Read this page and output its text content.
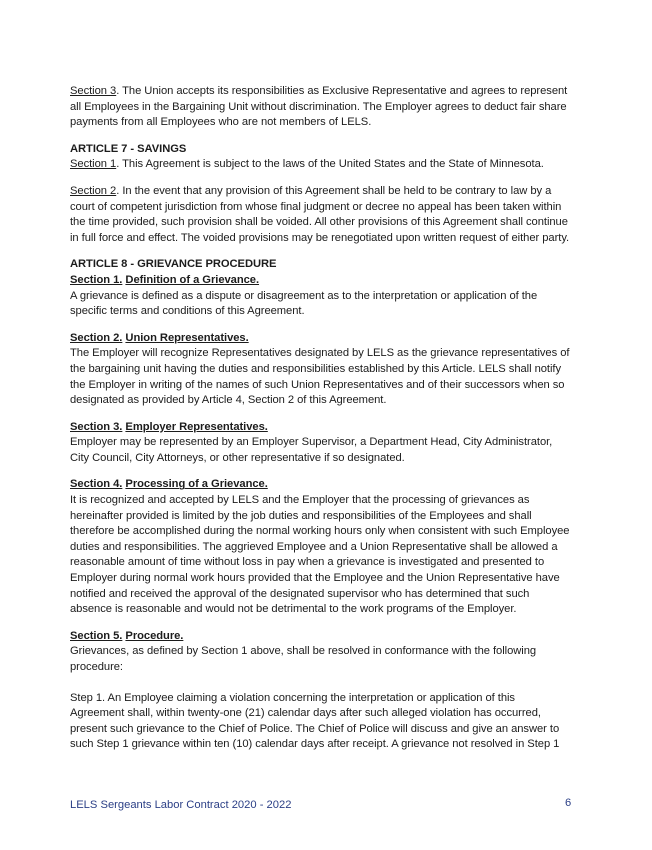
Section 3. The Union accepts its responsibilities as Exclusive Representative and agrees to represent all Employees in the Bargaining Unit without discrimination. The Employer agrees to deduct fair share payments from all Employees who are not members of LELS.

ARTICLE 7 - SAVINGS

Section 1. This Agreement is subject to the laws of the United States and the State of Minnesota.

Section 2. In the event that any provision of this Agreement shall be held to be contrary to law by a court of competent jurisdiction from whose final judgment or decree no appeal has been taken within the time provided, such provision shall be voided. All other provisions of this Agreement shall continue in full force and effect. The voided provisions may be renegotiated upon written request of either party.

ARTICLE 8 - GRIEVANCE PROCEDURE

Section 1. Definition of a Grievance.

A grievance is defined as a dispute or disagreement as to the interpretation or application of the specific terms and conditions of this Agreement.

Section 2. Union Representatives.

The Employer will recognize Representatives designated by LELS as the grievance representatives of the bargaining unit having the duties and responsibilities established by this Article. LELS shall notify the Employer in writing of the names of such Union Representatives and of their successors when so designated as provided by Article 4, Section 2 of this Agreement.

Section 3. Employer Representatives.

Employer may be represented by an Employer Supervisor, a Department Head, City Administrator, City Council, City Attorneys, or other representative if so designated.

Section 4. Processing of a Grievance.

It is recognized and accepted by LELS and the Employer that the processing of grievances as hereinafter provided is limited by the job duties and responsibilities of the Employees and shall therefore be accomplished during the normal working hours only when consistent with such Employee duties and responsibilities. The aggrieved Employee and a Union Representative shall be allowed a reasonable amount of time without loss in pay when a grievance is investigated and presented to Employer during normal work hours provided that the Employee and the Union Representative have notified and received the approval of the designated supervisor who has determined that such absence is reasonable and would not be detrimental to the work programs of the Employer.

Section 5. Procedure.

Grievances, as defined by Section 1 above, shall be resolved in conformance with the following procedure:

Step 1. An Employee claiming a violation concerning the interpretation or application of this Agreement shall, within twenty-one (21) calendar days after such alleged violation has occurred, present such grievance to the Chief of Police. The Chief of Police will discuss and give an answer to such Step 1 grievance within ten (10) calendar days after receipt. A grievance not resolved in Step 1

LELS Sergeants Labor Contract 2020 - 2022	6
